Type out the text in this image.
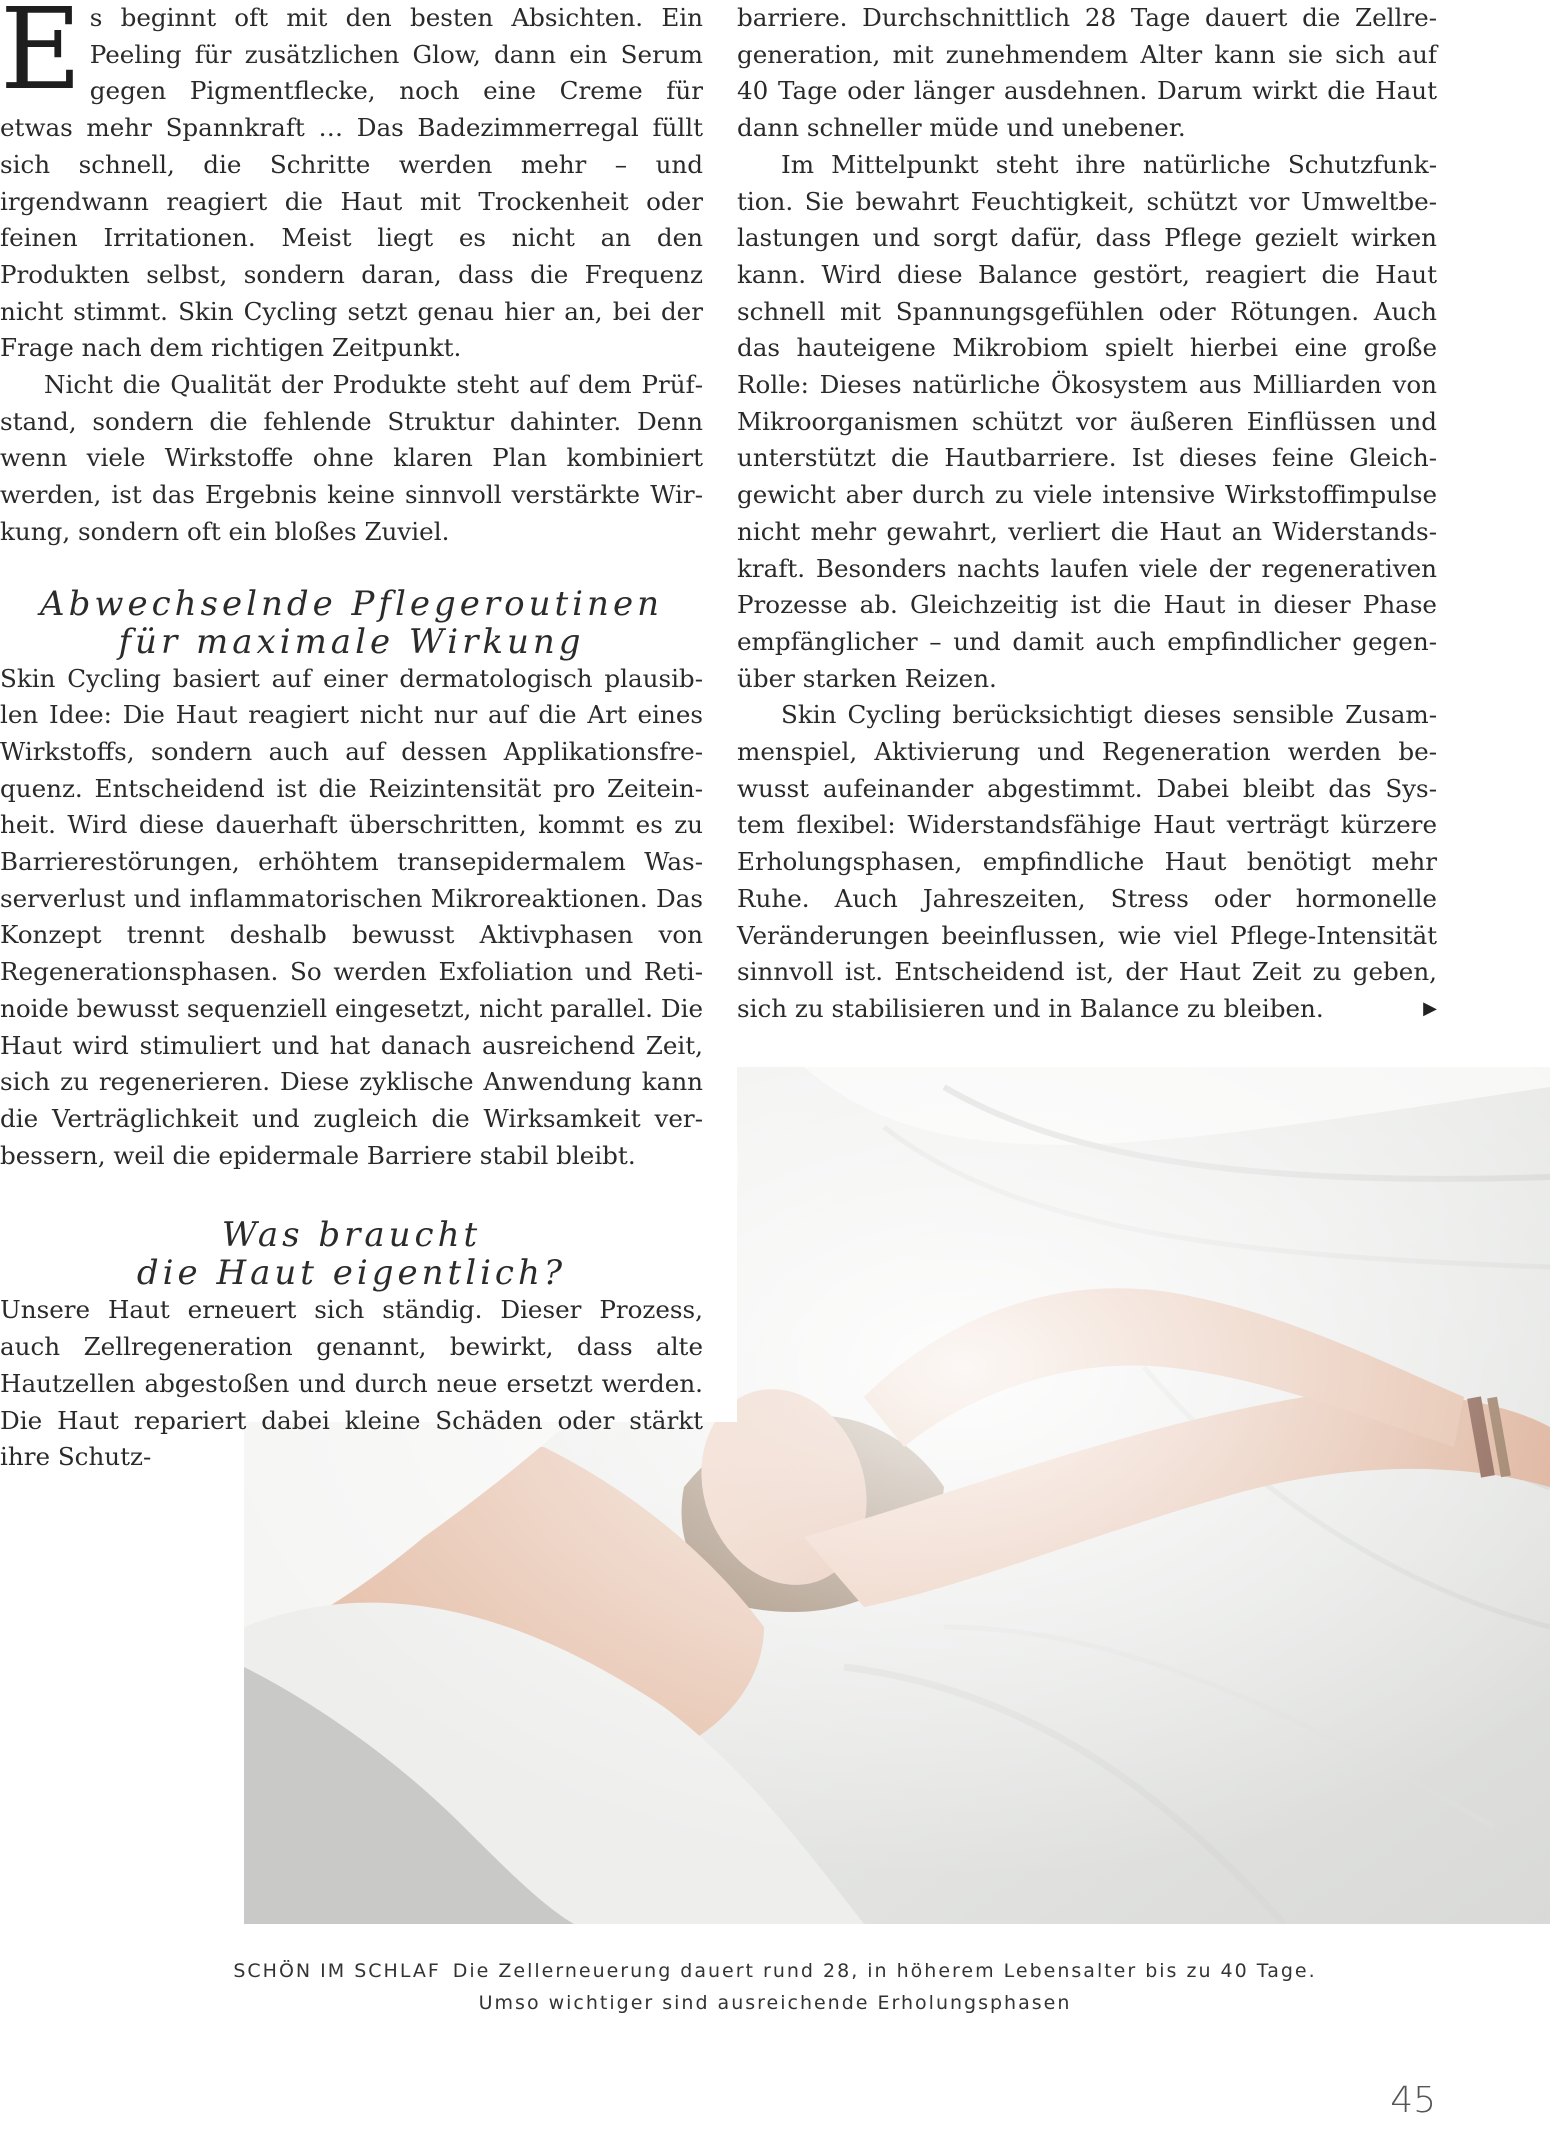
Es beginnt oft mit den besten Absichten. Ein Peeling für zusätzlichen Glow, dann ein Serum gegen Pigmentflecke, noch eine Creme für etwas mehr Spannkraft … Das Badezimmerregal füllt sich schnell, die Schritte werden mehr – und irgendwann reagiert die Haut mit Trockenheit oder feinen Irritationen. Meist liegt es nicht an den Produkten selbst, sondern daran, dass die Frequenz nicht stimmt. Skin Cycling setzt genau hier an, bei der Frage nach dem richtigen Zeitpunkt.

Nicht die Qualität der Produkte steht auf dem Prüfstand, sondern die fehlende Struktur dahinter. Denn wenn viele Wirkstoffe ohne klaren Plan kombiniert werden, ist das Ergebnis keine sinnvoll verstärkte Wirkung, sondern oft ein bloßes Zuviel.

Abwechselnde Pflegeroutinen
für maximale Wirkung

Skin Cycling basiert auf einer dermatologisch plausiblen Idee: Die Haut reagiert nicht nur auf die Art eines Wirkstoffs, sondern auch auf dessen Applikationsfrequenz. Entscheidend ist die Reizintensität pro Zeiteinheit. Wird diese dauerhaft überschritten, kommt es zu Barrierestörungen, erhöhtem transepidermalem Wasserverlust und inflammatorischen Mikroreaktionen. Das Konzept trennt deshalb bewusst Aktivphasen von Regenerationsphasen. So werden Exfoliation und Retinoide bewusst sequenziell eingesetzt, nicht parallel. Die Haut wird stimuliert und hat danach ausreichend Zeit, sich zu regenerieren. Diese zyklische Anwendung kann die Verträglichkeit und zugleich die Wirksamkeit verbessern, weil die epidermale Barriere stabil bleibt.

Was braucht
die Haut eigentlich?

Unsere Haut erneuert sich ständig. Dieser Prozess, auch Zellregeneration genannt, bewirkt, dass alte Hautzellen abgestoßen und durch neue ersetzt werden. Die Haut repariert dabei kleine Schäden oder stärkt ihre Schutz-

barriere. Durchschnittlich 28 Tage dauert die Zellregeneration, mit zunehmendem Alter kann sie sich auf 40 Tage oder länger ausdehnen. Darum wirkt die Haut dann schneller müde und unebener.

Im Mittelpunkt steht ihre natürliche Schutzfunktion. Sie bewahrt Feuchtigkeit, schützt vor Umweltbelastungen und sorgt dafür, dass Pflege gezielt wirken kann. Wird diese Balance gestört, reagiert die Haut schnell mit Spannungsgefühlen oder Rötungen. Auch das hauteigene Mikrobiom spielt hierbei eine große Rolle: Dieses natürliche Ökosystem aus Milliarden von Mikroorganismen schützt vor äußeren Einflüssen und unterstützt die Hautbarriere. Ist dieses feine Gleichgewicht aber durch zu viele intensive Wirkstoffimpulse nicht mehr gewahrt, verliert die Haut an Widerstandskraft. Besonders nachts laufen viele der regenerativen Prozesse ab. Gleichzeitig ist die Haut in dieser Phase empfänglicher – und damit auch empfindlicher gegenüber starken Reizen.

Skin Cycling berücksichtigt dieses sensible Zusammenspiel, Aktivierung und Regeneration werden bewusst aufeinander abgestimmt. Dabei bleibt das System flexibel: Widerstandsfähige Haut verträgt kürzere Erholungsphasen, empfindliche Haut benötigt mehr Ruhe. Auch Jahreszeiten, Stress oder hormonelle Veränderungen beeinflussen, wie viel Pflege-Intensität sinnvoll ist. Entscheidend ist, der Haut Zeit zu geben, sich zu stabilisieren und in Balance zu bleiben.	▶

SCHÖN IM SCHLAF Die Zellerneuerung dauert rund 28, in höherem Lebensalter bis zu 40 Tage.
Umso wichtiger sind ausreichende Erholungsphasen
45
